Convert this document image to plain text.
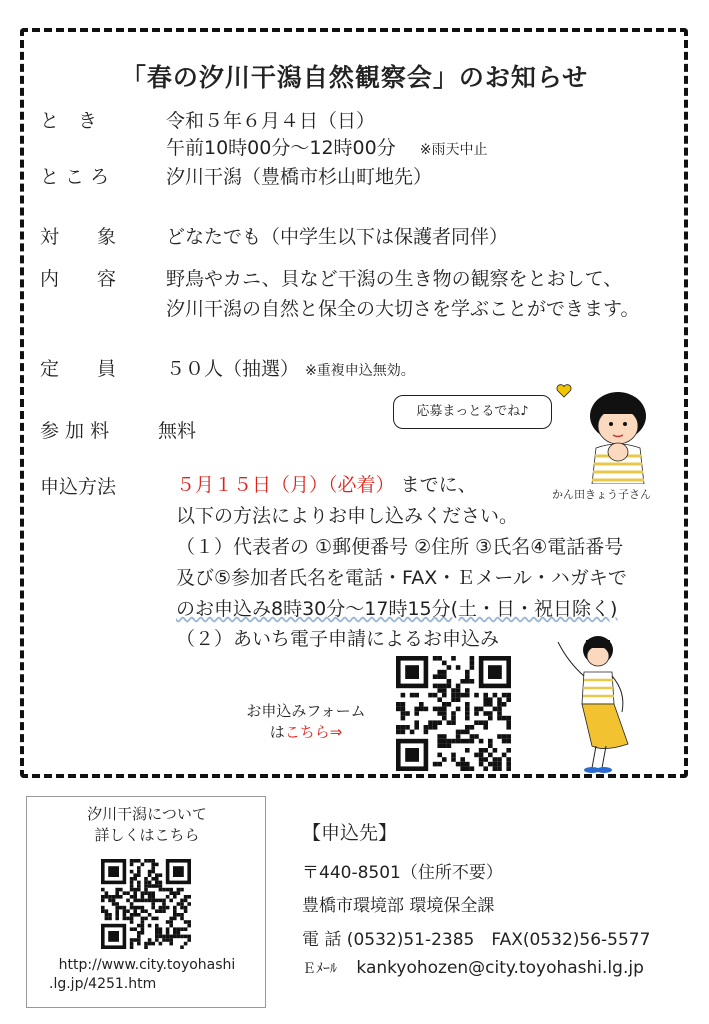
「春の汐川干潟自然観察会」のお知らせ
と　き	令和５年６月４日（日）
午前10時00分～12時00分 ※雨天中止
と こ ろ	汐川干潟（豊橋市杉山町地先）
対　　象	どなたでも（中学生以下は保護者同伴）
内　　容	野鳥やカニ、貝など干潟の生き物の観察をとおして、
汐川干潟の自然と保全の大切さを学ぶことができます。
定　　員	５０人（抽選） ※重複申込無効。
参 加 料	無料
応募まっとるでね♪
かん田きょう子さん
申込方法	５月１５日（月）（必着） までに、
以下の方法によりお申し込みください。
（１）代表者の ①郵便番号 ②住所 ③氏名④電話番号
及び⑤参加者氏名を電話・FAX・Ｅメール・ハガキで
のお申込み8時30分～17時15分(土・日・祝日除く)
（２）あいち電子申請によるお申込み
お申込みフォーム
はこちら⇒
汐川干潟について
詳しくはこちら
http://www.city.toyohashi
.lg.jp/4251.htm
【申込先】
〒440-8501（住所不要）
豊橋市環境部 環境保全課
電 話 (0532)51-2385　FAX(0532)56-5577
Ｅﾒｰﾙ kankyohozen@city.toyohashi.lg.jp
